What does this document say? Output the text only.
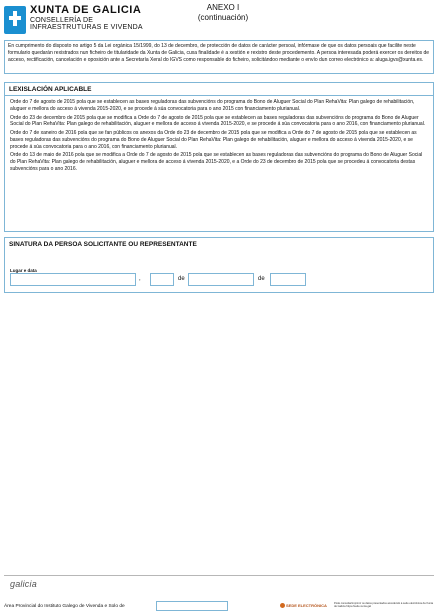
XUNTA DE GALICIA
CONSELLERÍA DE
INFRAESTRUTURAS E VIVENDA
ANEXO I
(continuación)
En cumprimento do disposto no artigo 5 da Lei orgánica 15/1999, do 13 de decembro, de protección de datos de carácter persoal, infórmase de que os datos persoais que facilite neste formulario quedarán rexistrados nun ficheiro de titularidade da Xunta de Galicia, cuxa finalidade é a xestión e rexistro deste procedemento. A persoa interesada poderá exercer os dereitos de acceso, rectificación, cancelación e oposición ante a Secretaría Xeral do IGVS como responsable do ficheiro, solicitándoo mediante o envío dun correo electrónico a: aluga.igvs@xunta.es.
LEXISLACIÓN APLICABLE

Orde do 7 de agosto de 2015 pola que se establecen as bases reguladoras das subvencións do programa do Bono de Aluguer Social do Plan RehaVita: Plan galego de rehabilitación, aluguer e mellora do acceso á vivenda 2015-2020, e se procede á súa convocatoria para o ano 2015 con financiamento plurianual.

Orde do 23 de decembro de 2015 pola que se modifica a Orde do 7 de agosto de 2015 pola que se establecen as bases reguladoras das subvencións do programa do Bono de Aluguer Social do Plan RehaVita: Plan galego de rehabilitación, aluguer e mellora de acceso á vivenda 2015-2020, e se procede á súa convocatoria para o ano 2016, con financiamento plurianual.

Orde do 7 de xaneiro de 2016 pola que se fan públicos os anexos da Orde do 23 de decembro de 2015 pola que se modifica a Orde do 7 de agosto de 2015 pola que se establecen as bases reguladoras das subvencións do programa do Bono de Aluguer Social do Plan RehaVita: Plan galego de rehabilitación, aluguer e mellora do acceso á vivenda 2015-2020, e se procede á súa convocatoria para o ano 2016, con financiamento plurianual.

Orde do 13 de maio de 2016 pola que se modifica a Orde do 7 de agosto de 2015 pola que se establecen as bases reguladoras das subvencións do programa do Bono de Aluguer Social do Plan RehaVita: Plan galego de rehabilitación, aluguer e mellora de acceso á vivenda 2015-2020, e a Orde do 23 de decembro de 2015 pola que se procedeu á convocatoria destas subvencións para o ano 2016.

SINATURA DA PERSOA SOLICITANTE OU REPRESENTANTE
Lugar e data
,	de	de
galicia
Área Provincial do Instituto Galego de Vivenda e Solo de	SEDE ELECTRÓNICA	Pode consultar/imprimir os datos presentados accedendo á sede electrónica da Xunta de Galicia https://sede.xunta.gal
